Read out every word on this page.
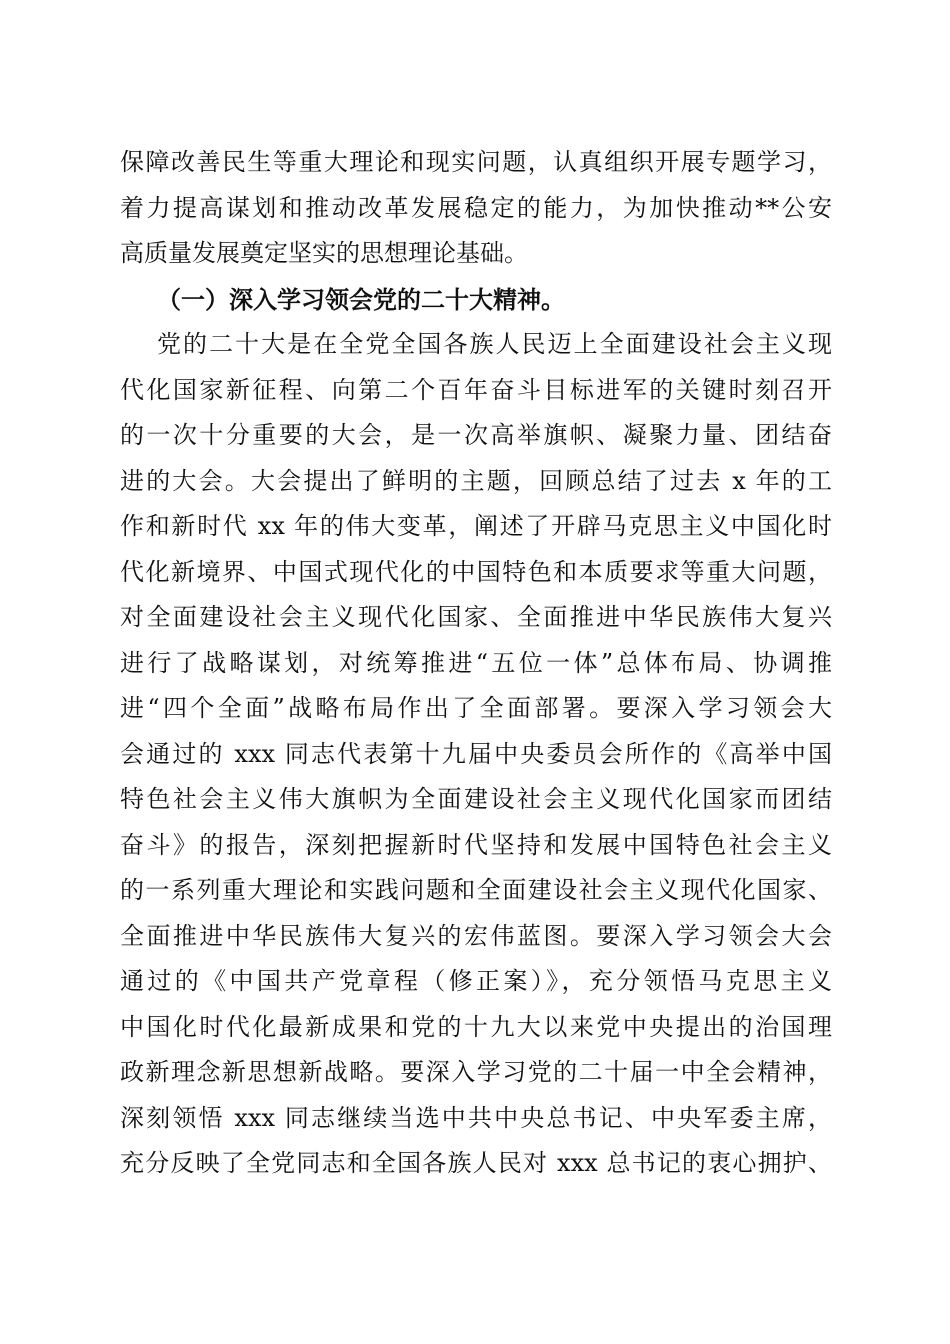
保障改善民生等重大理论和现实问题，认真组织开展专题学习，
着力提高谋划和推动改革发展稳定的能力，为加快推动**公安
高质量发展奠定坚实的思想理论基础。
（一）深入学习领会党的二十大精神。
党的二十大是在全党全国各族人民迈上全面建设社会主义现
代化国家新征程、向第二个百年奋斗目标进军的关键时刻召开
的一次十分重要的大会，是一次高举旗帜、凝聚力量、团结奋
进的大会。大会提出了鲜明的主题，回顾总结了过去 x 年的工
作和新时代 xx 年的伟大变革，阐述了开辟马克思主义中国化时
代化新境界、中国式现代化的中国特色和本质要求等重大问题，
对全面建设社会主义现代化国家、全面推进中华民族伟大复兴
进行了战略谋划，对统筹推进“五位一体”总体布局、协调推
进“四个全面”战略布局作出了全面部署。要深入学习领会大
会通过的 xxx 同志代表第十九届中央委员会所作的《高举中国
特色社会主义伟大旗帜为全面建设社会主义现代化国家而团结
奋斗》的报告，深刻把握新时代坚持和发展中国特色社会主义
的一系列重大理论和实践问题和全面建设社会主义现代化国家、
全面推进中华民族伟大复兴的宏伟蓝图。要深入学习领会大会
通过的《中国共产党章程（修正案）》，充分领悟马克思主义
中国化时代化最新成果和党的十九大以来党中央提出的治国理
政新理念新思想新战略。要深入学习党的二十届一中全会精神，
深刻领悟 xxx 同志继续当选中共中央总书记、中央军委主席，
充分反映了全党同志和全国各族人民对 xxx 总书记的衷心拥护、
